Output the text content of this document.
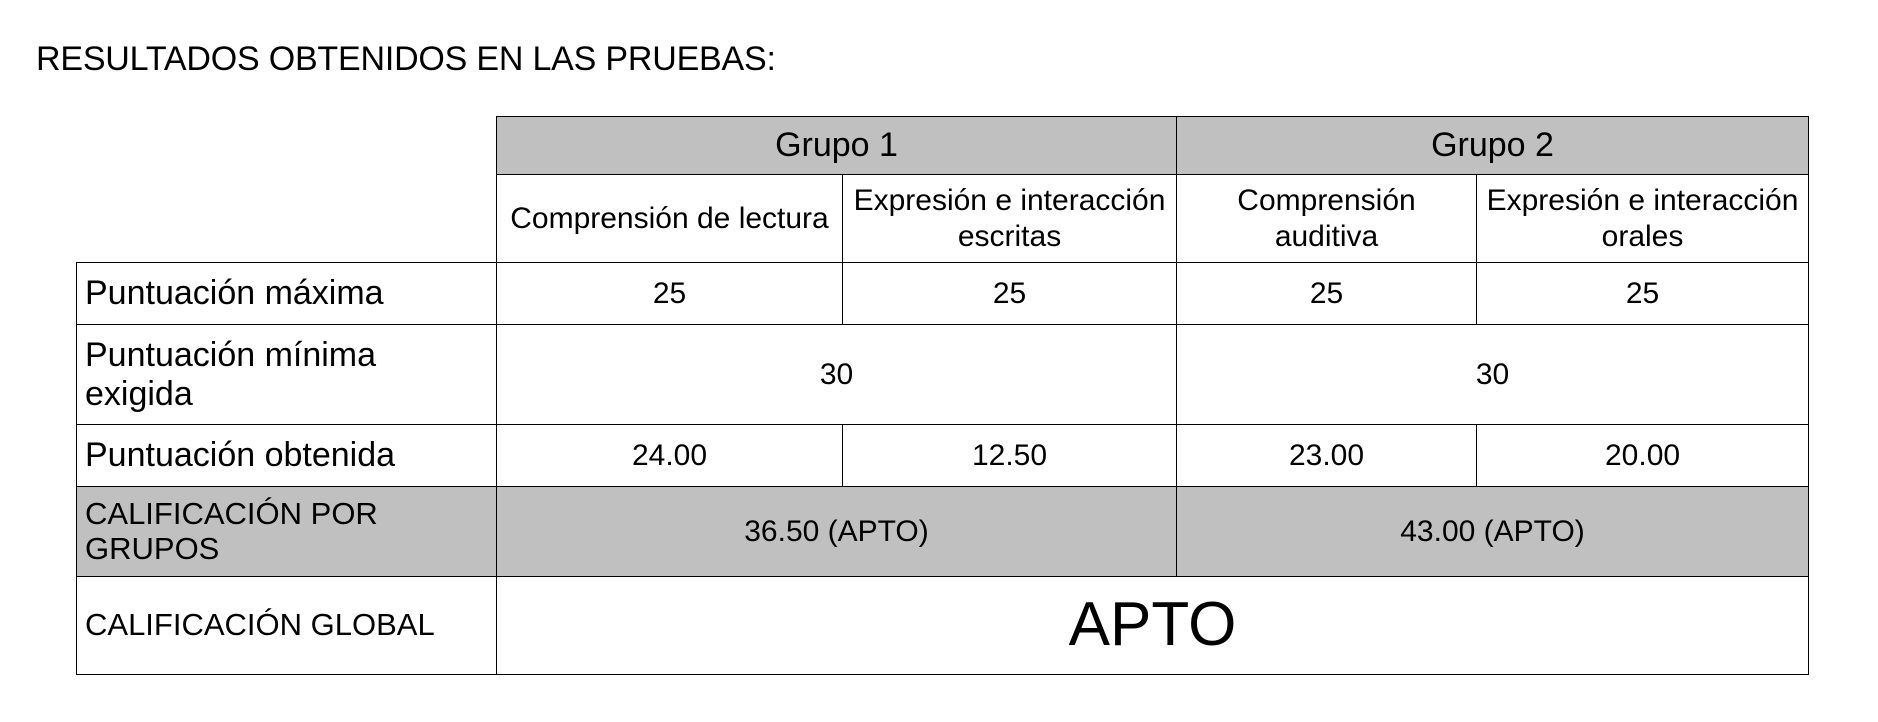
RESULTADOS OBTENIDOS EN LAS PRUEBAS:
	Grupo 1		Grupo 2	
	Comprensión de lectura	Expresión e interacción escritas	Comprensión auditiva	Expresión e interacción orales
Puntuación máxima	25	25	25	25
Puntuación mínima exigida	30		30	
Puntuación obtenida	24.00	12.50	23.00	20.00
CALIFICACIÓN POR GRUPOS	36.50 (APTO)		43.00 (APTO)	
CALIFICACIÓN GLOBAL	APTO			
